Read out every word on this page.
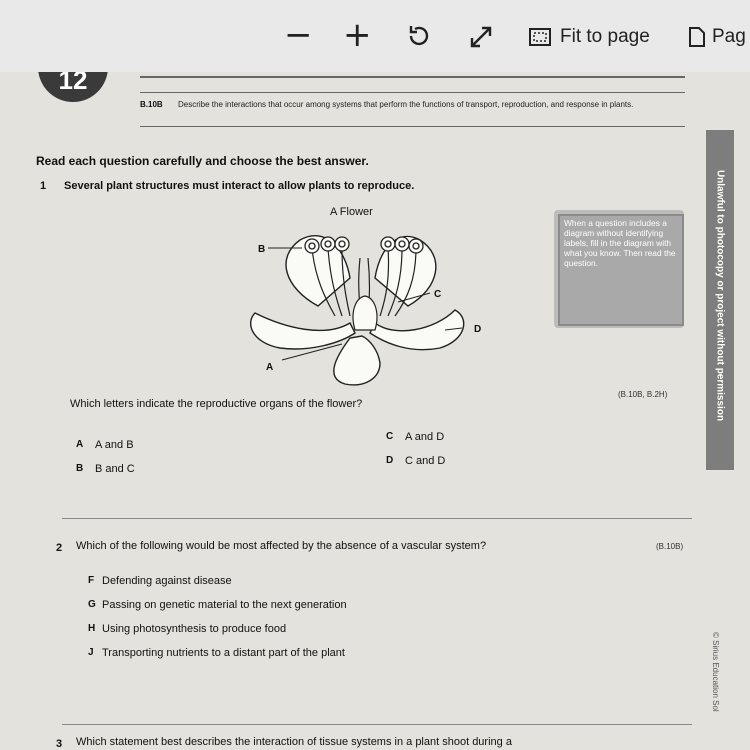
− +	Fit to page	Pag
12
B.10B Describe the interactions that occur among systems that perform the functions of transport, reproduction, and response in plants.
Read each question carefully and choose the best answer.
Unlawful to photocopy or project without permission
1 Several plant structures must interact to allow plants to reproduce.
A Flower
B
C
D
A
When a question includes a diagram without identifying labels, fill in the diagram with what you know. Then read the question.
Which letters indicate the reproductive organs of the flower?
(B.10B, B.2H)
A A and B
B B and C
C A and D
D C and D
2 Which of the following would be most affected by the absence of a vascular system?	(B.10B)
F Defending against disease
G Passing on genetic material to the next generation
H Using photosynthesis to produce food
J Transporting nutrients to a distant part of the plant
3 Which statement best describes the interaction of tissue systems in a plant shoot during a
© Sirius Education Sol
